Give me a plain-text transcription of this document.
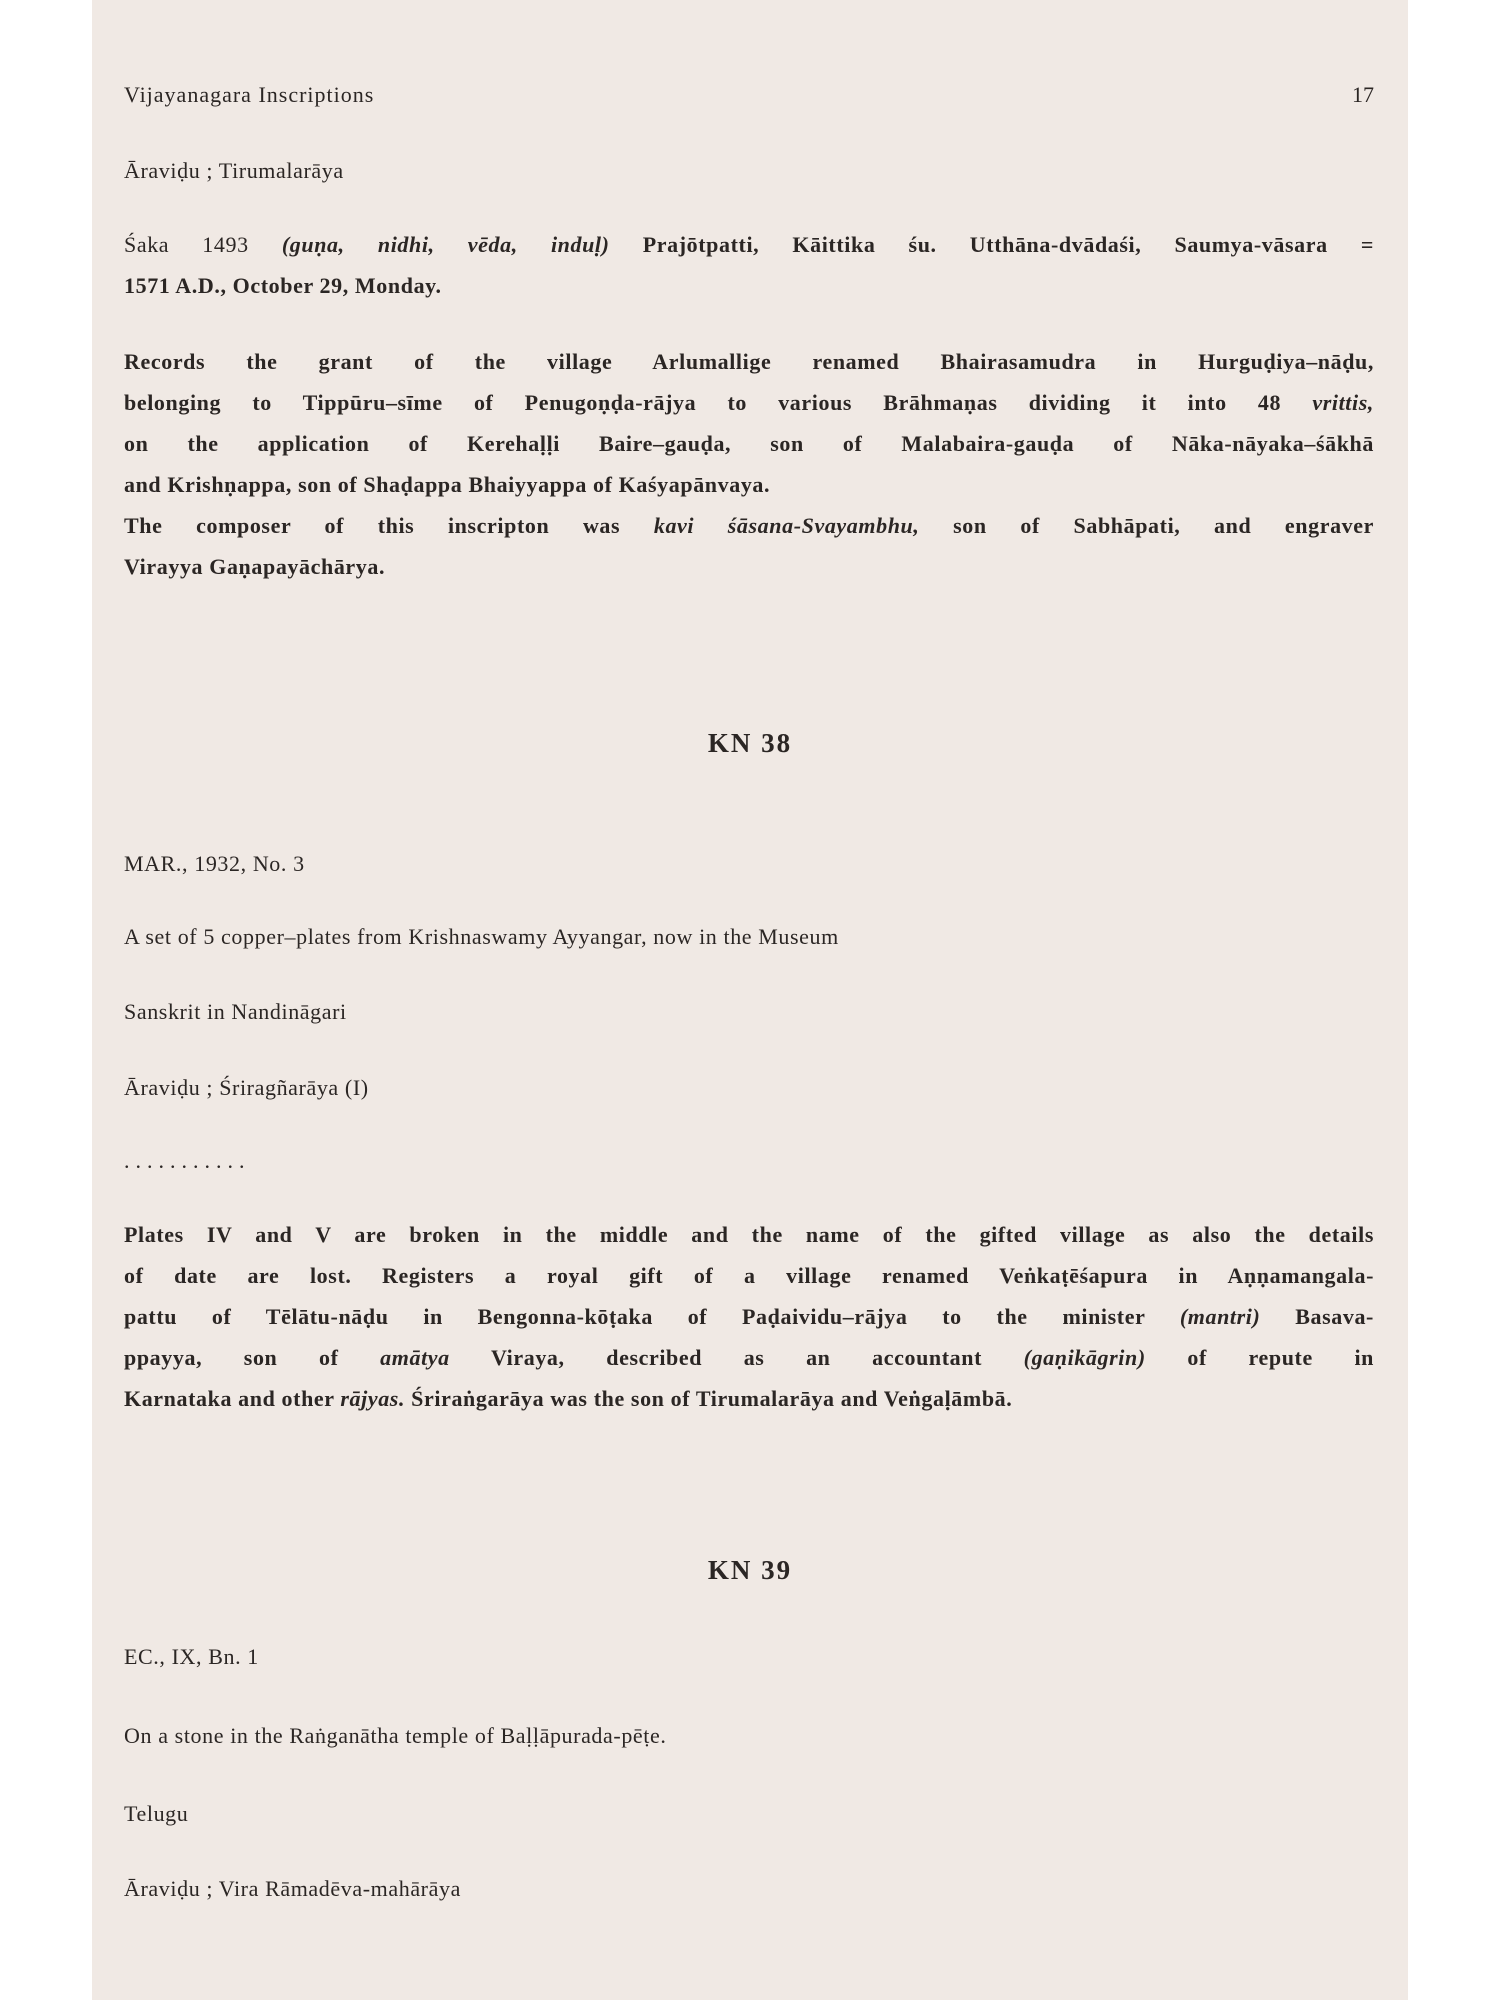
Vijayanagara Inscriptions	17
Āraviḍu ; Tirumalarāya
Śaka 1493 (guṇa, nidhi, vēda, induḷ) Prajōtpatti, Kāittika śu. Utthāna-dvādaśi, Saumya-vāsara =
1571 A.D., October 29, Monday.
Records the grant of the village Arlumallige renamed Bhairasamudra in Hurguḍiya–nāḍu,
belonging to Tippūru–sīme of Penugoṇḍa-rājya to various Brāhmaṇas dividing it into 48 vrittis,
on the application of Kerehaḷḷi Baire–gauḍa, son of Malabaira-gauḍa of Nāka-nāyaka–śākhā
and Krishṇappa, son of Shaḍappa Bhaiyyappa of Kaśyapānvaya.
The composer of this inscripton was kavi śāsana-Svayambhu, son of Sabhāpati, and engraver
Virayya Gaṇapayāchārya.
KN 38
MAR., 1932, No. 3
A set of 5 copper–plates from Krishnaswamy Ayyangar, now in the Museum
Sanskrit in Nandināgari
Āraviḍu ; Śriragñarāya (I)
...........
Plates IV and V are broken in the middle and the name of the gifted village as also the details
of date are lost. Registers a royal gift of a village renamed Veṅkaṭēśapura in Aṇṇamangala-
pattu of Tēlātu-nāḍu in Bengonna-kōṭaka of Paḍaividu–rājya to the minister (mantri) Basava-
ppayya, son of amātya Viraya, described as an accountant (gaṇikāgrin) of repute in
Karnataka and other rājyas. Śriraṅgarāya was the son of Tirumalarāya and Veṅgaḷāmbā.
KN 39
EC., IX, Bn. 1
On a stone in the Raṅganātha temple of Baḷḷāpurada-pēṭe.
Telugu
Āraviḍu ; Vira Rāmadēva-mahārāya
